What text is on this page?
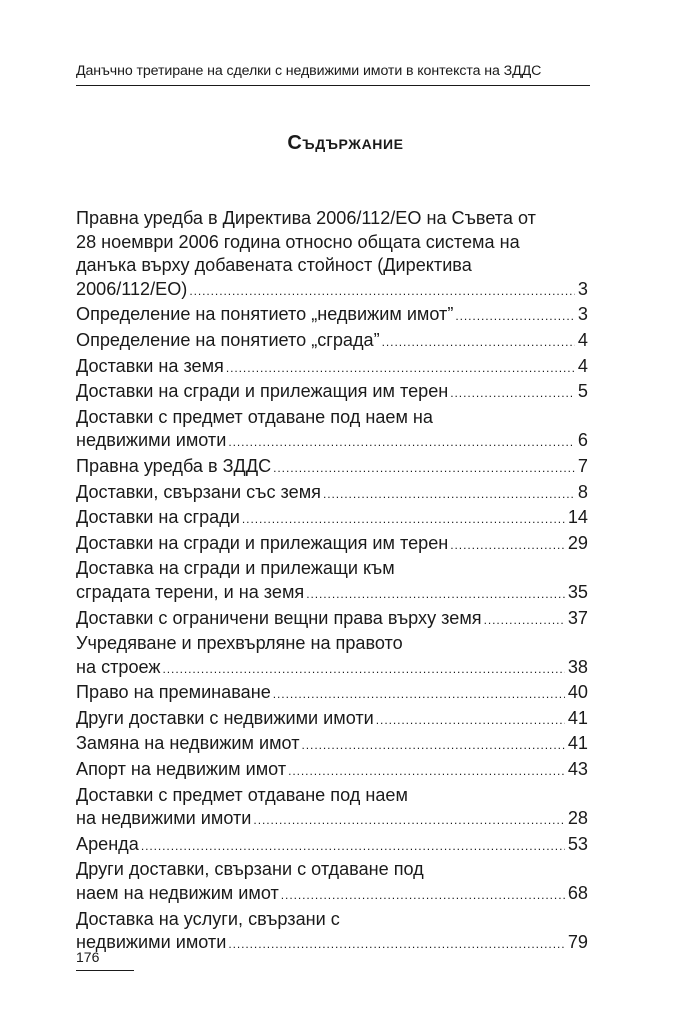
Данъчно третиране на сделки с недвижими имоти в контекста на ЗДДС
Съдържание
Правна уредба в Директива 2006/112/ЕО на Съвета от
28 ноември 2006 година относно общата система на
данъка върху добавената стойност (Директива
2006/112/ЕО) . . .	3
Определение на понятието „недвижим имот” . . .	3
Определение на понятието „сграда” . . .	4
Доставки на земя . . .	4
Доставки на сгради и прилежащия им терен . . .	5
Доставки с предмет отдаване под наем на
недвижими имоти . . .	6
Правна уредба в ЗДДС . . .	7
Доставки, свързани със земя . . .	8
Доставки на сгради . . .	14
Доставки на сгради и прилежащия им терен . . .	29
Доставка на сгради и прилежащи към
сградата терени, и на земя . . .	35
Доставки с ограничени вещни права върху земя . . .	37
Учредяване и прехвърляне на правото
на строеж . . .	38
Право на преминаване . . .	40
Други доставки с недвижими имоти . . .	41
Замяна на недвижим имот . . .	41
Апорт на недвижим имот . . .	43
Доставки с предмет отдаване под наем
на недвижими имоти . . .	28
Аренда . . .	53
Други доставки, свързани с отдаване под
наем на недвижим имот . . .	68
Доставка на услуги, свързани с
недвижими имоти . . .	79
176
